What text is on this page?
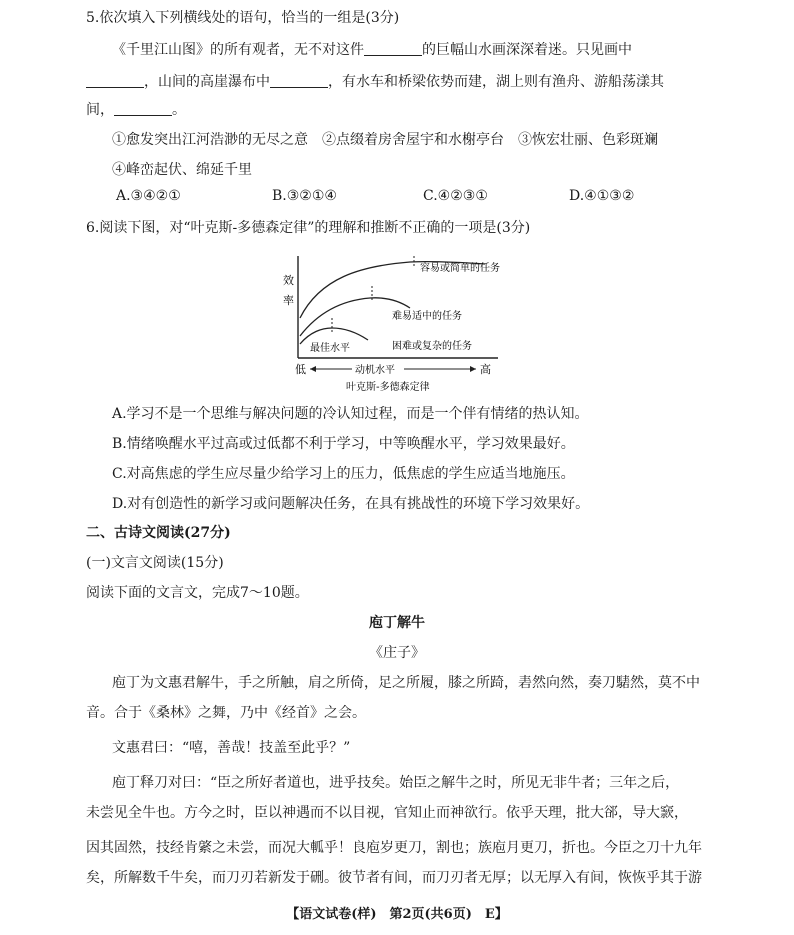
5.依次填入下列横线处的语句，恰当的一组是(3分)
《千里江山图》的所有观者，无不对这件	的巨幅山水画深深着迷。只见画中
，山间的高崖瀑布中	，有水车和桥梁依势而建，湖上则有渔舟、游船荡漾其
间，	。
①愈发突出江河浩渺的无尽之意　②点缀着房舍屋宇和水榭亭台　③恢宏壮丽、色彩斑斓
④峰峦起伏、绵延千里
A.③④②①	B.③②①④	C.④②③①	D.④①③②
6.阅读下图，对“叶克斯-多德森定律”的理解和推断不正确的一项是(3分)
效
率
容易或简单的任务
难易适中的任务
最佳水平	困难或复杂的任务
低	动机水平	高
叶克斯-多德森定律
A.学习不是一个思维与解决问题的冷认知过程，而是一个伴有情绪的热认知。
B.情绪唤醒水平过高或过低都不利于学习，中等唤醒水平，学习效果最好。
C.对高焦虑的学生应尽量少给学习上的压力，低焦虑的学生应适当地施压。
D.对有创造性的新学习或问题解决任务，在具有挑战性的环境下学习效果好。
二、古诗文阅读(27分)
(一)文言文阅读(15分)
阅读下面的文言文，完成7～10题。
庖丁解牛
《庄子》
庖丁为文惠君解牛，手之所触，肩之所倚，足之所履，膝之所踦，砉然向然，奏刀騞然，莫不中
音。合于《桑林》之舞，乃中《经首》之会。
文惠君曰：“嘻，善哉！技盖至此乎？”
庖丁释刀对曰：“臣之所好者道也，进乎技矣。始臣之解牛之时，所见无非牛者；三年之后，
未尝见全牛也。方今之时，臣以神遇而不以目视，官知止而神欲行。依乎天理，批大郤，导大窾，
因其固然，技经肯綮之未尝，而况大軱乎！良庖岁更刀，割也；族庖月更刀，折也。今臣之刀十九年
矣，所解数千牛矣，而刀刃若新发于硎。彼节者有间，而刀刃者无厚；以无厚入有间，恢恢乎其于游
【语文试卷(样)　第2页(共6页)　E】
